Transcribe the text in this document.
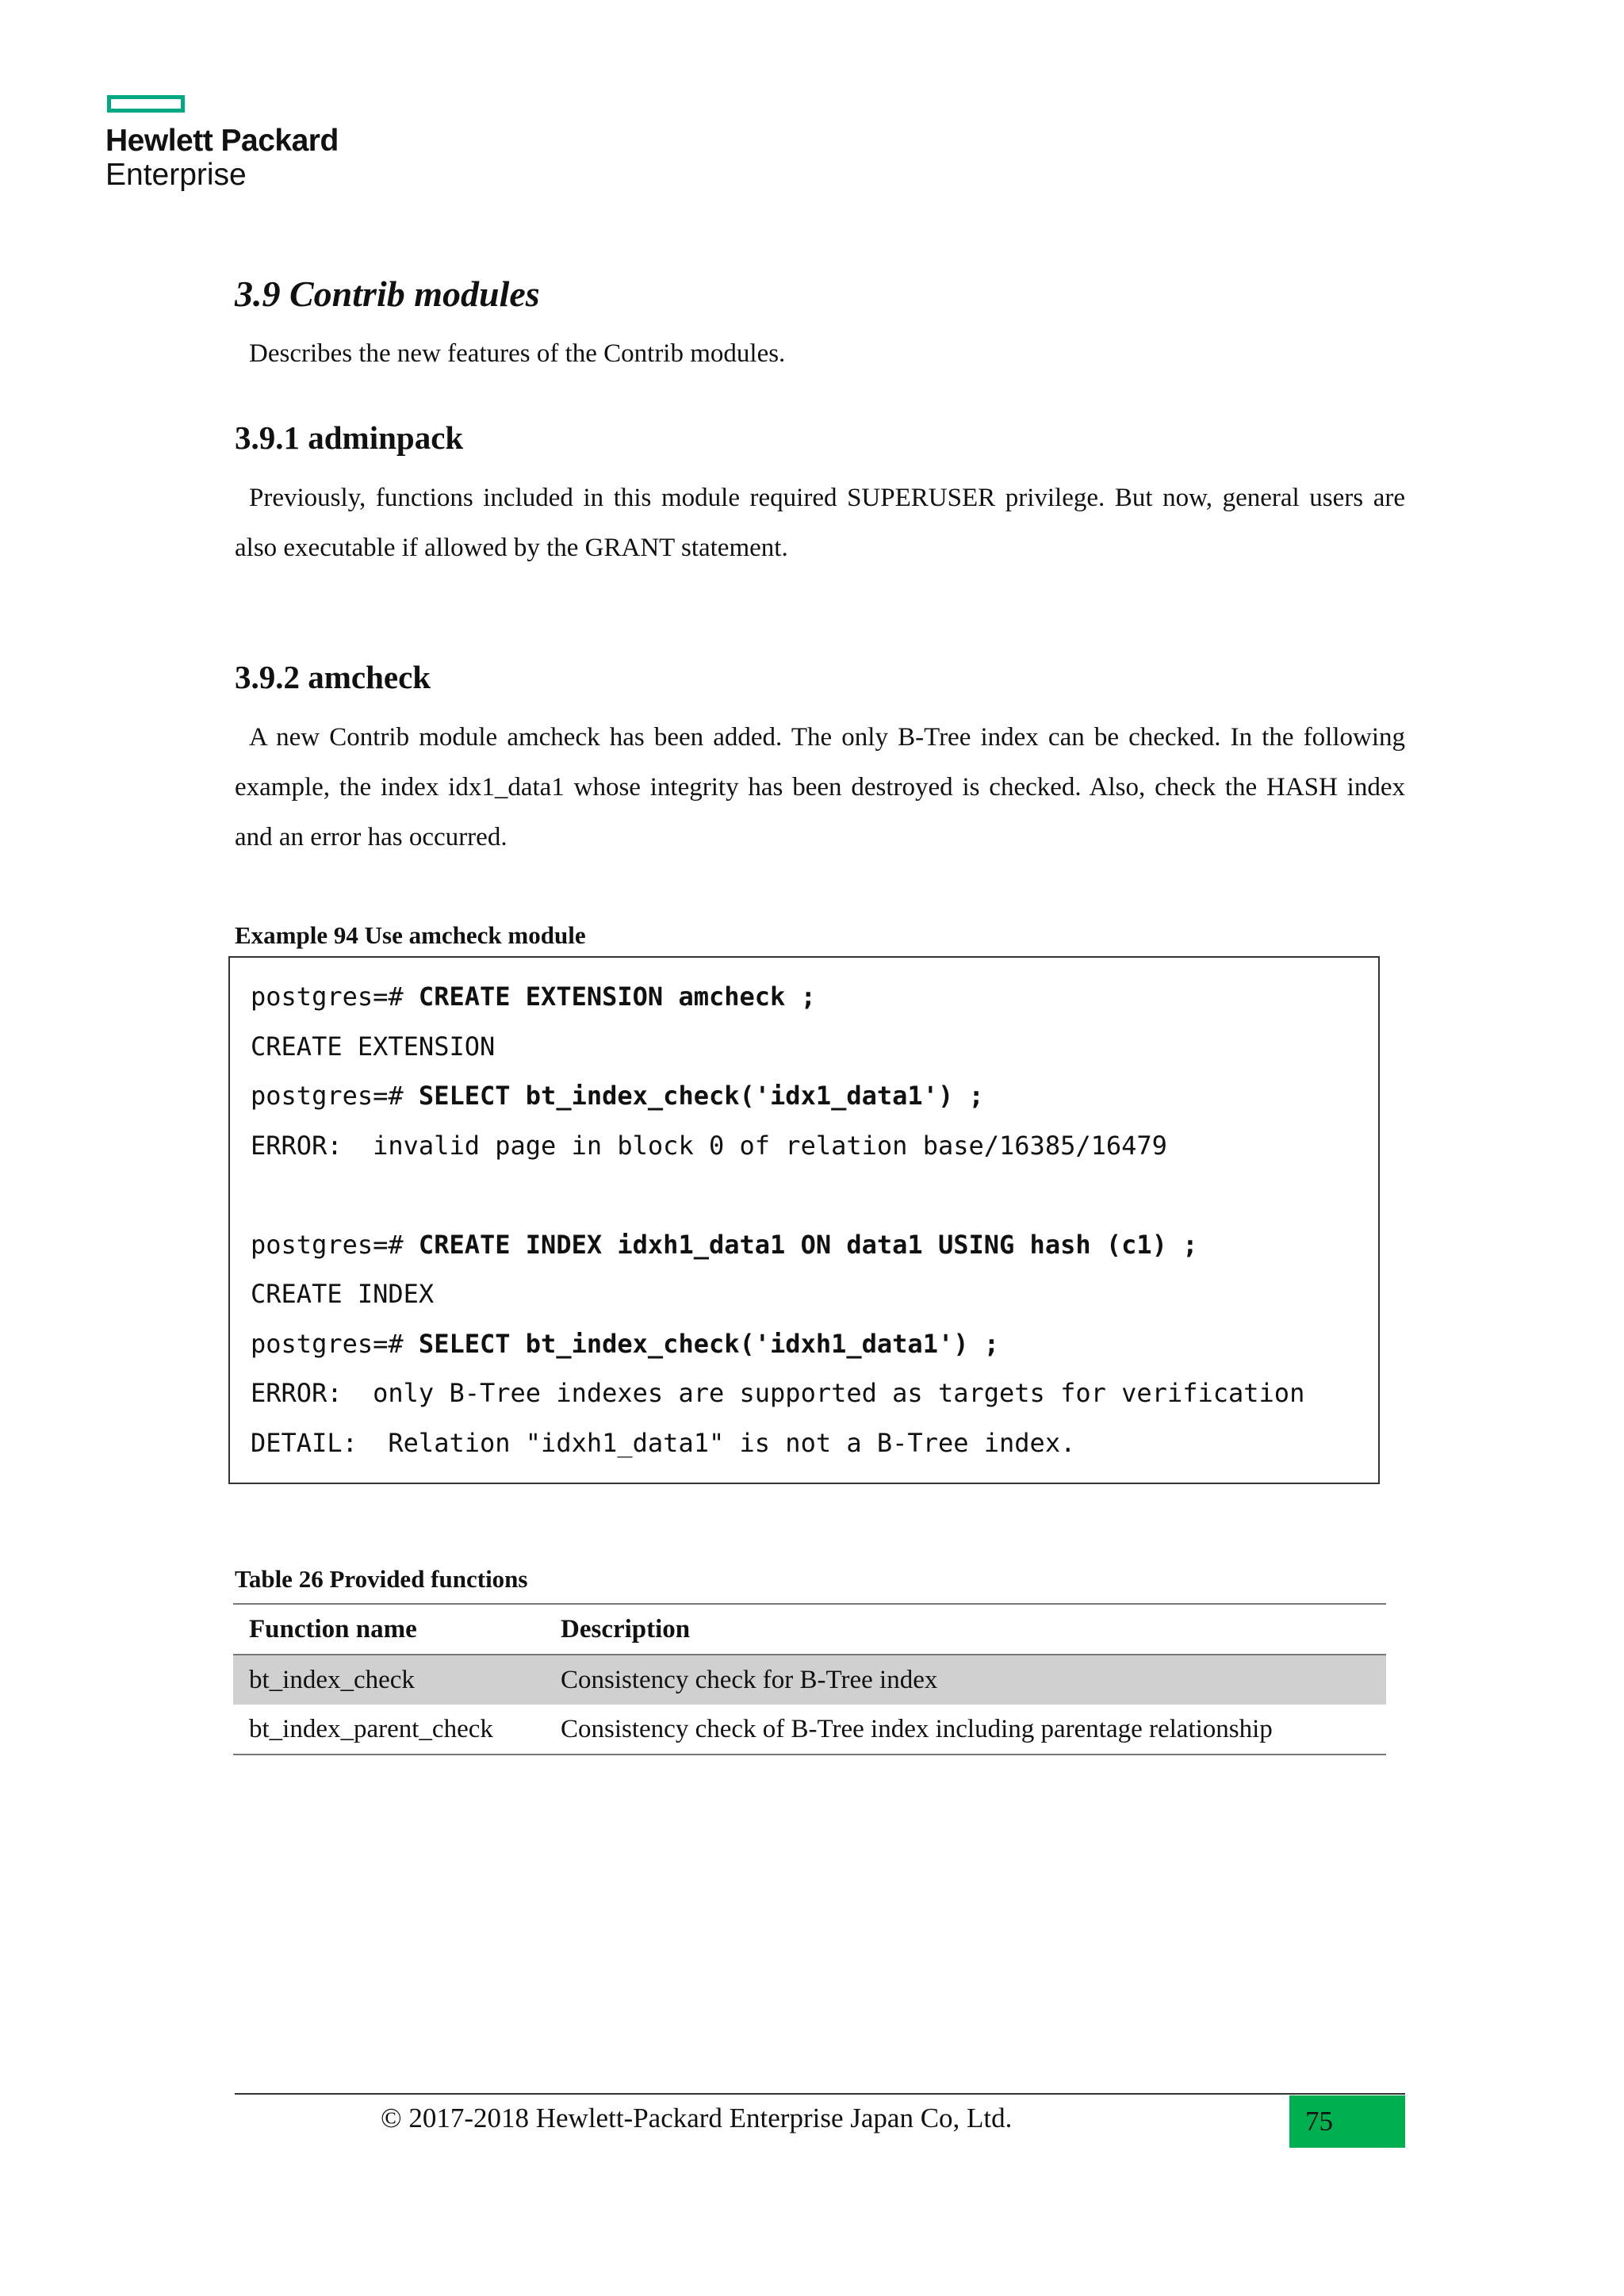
Hewlett Packard
Enterprise
3.9 Contrib modules
Describes the new features of the Contrib modules.
3.9.1 adminpack
Previously, functions included in this module required SUPERUSER privilege. But now, general users are also executable if allowed by the GRANT statement.
3.9.2 amcheck
A new Contrib module amcheck has been added. The only B-Tree index can be checked. In the following example, the index idx1_data1 whose integrity has been destroyed is checked. Also, check the HASH index and an error has occurred.
Example 94 Use amcheck module
postgres=# CREATE EXTENSION amcheck ;
CREATE EXTENSION
postgres=# SELECT bt_index_check('idx1_data1') ;
ERROR:  invalid page in block 0 of relation base/16385/16479
postgres=# CREATE INDEX idxh1_data1 ON data1 USING hash (c1) ;
CREATE INDEX
postgres=# SELECT bt_index_check('idxh1_data1') ;
ERROR:  only B-Tree indexes are supported as targets for verification
DETAIL:  Relation "idxh1_data1" is not a B-Tree index.
Table 26 Provided functions
Function name	Description
bt_index_check	Consistency check for B-Tree index
bt_index_parent_check	Consistency check of B-Tree index including parentage relationship
© 2017-2018 Hewlett-Packard Enterprise Japan Co, Ltd.	75
